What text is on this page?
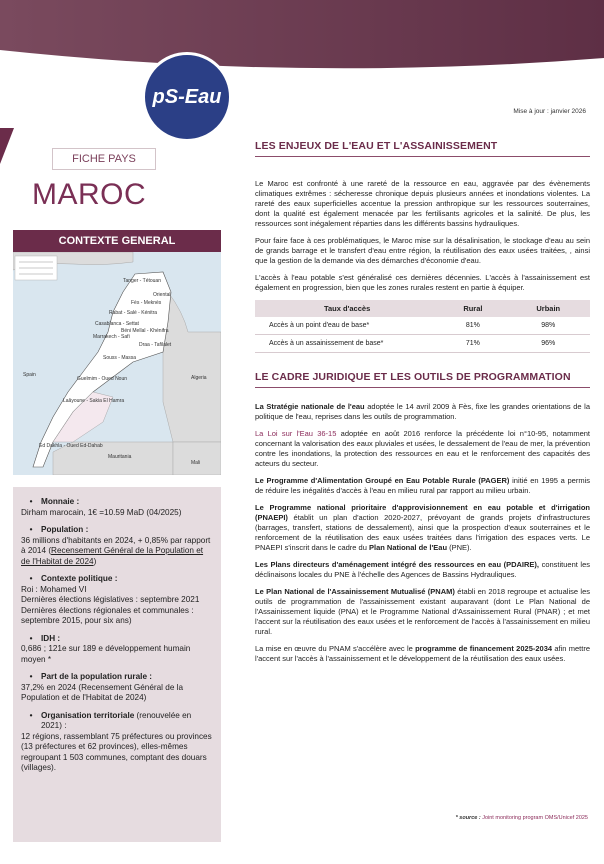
pS-Eau
Mise à jour : janvier 2026
FICHE PAYS
MAROC
CONTEXTE GENERAL
Spain	Algeria
Mauritania
Mali
Tanger - Tétouan
Oriental
Fès - Meknès
Rabat - Salé - Kénitra
Casablanca - Settat
Marrakech - Safi
Béni Mellal - Khénifra
Draa - Tafilalet
Souss - Massa
Guelmim - Oued Noun
Laâyoune - Sakia El Hamra
Ed Dakhla - Oued Ed-Dahab
•	Monnaie :
Dirham marocain, 1€ =10.59 MaD (04/2025)
•	Population :
36 millions d'habitants en 2024, + 0,85% par rapport à 2014 (Recensement Général de la Population et de l'Habitat de 2024)
•	Contexte politique :
Roi : Mohamed VI
Dernières élections législatives : septembre 2021
Dernières élections régionales et communales : septembre 2015, pour six ans)
•	IDH :
0,686 ; 121e sur 189 e développement humain moyen *
•	Part de la population rurale :
37,2% en 2024 (Recensement Général de la Population et de l'Habitat de 2024)
•	Organisation territoriale (renouvelée en 2021) :
12 régions, rassemblant 75 préfectures ou provinces (13 préfectures et 62 provinces), elles-mêmes regroupant 1 503 communes, comptant des douars (villages).
LES ENJEUX DE L'EAU ET L'ASSAINISSEMENT

Le Maroc est confronté à une rareté de la ressource en eau, aggravée par des évènements climatiques extrêmes : sécheresse chronique depuis plusieurs années et inondations violentes. La rareté des eaux superficielles accentue la pression anthropique sur les ressources souterraines, dont la qualité est également menacée par les fertilisants agricoles et la salinité. De plus, les ressources sont inégalement réparties dans les différents bassins hydrauliques.

Pour faire face à ces problématiques, le Maroc mise sur la désalinisation, le stockage d'eau au sein de grands barrage et le transfert d'eau entre région, la réutilisation des eaux usées traitées, , ainsi que la gestion de la demande via des démarches d'économie d'eau.

L'accès à l'eau potable s'est généralisé ces dernières décennies. L'accès à l'assainissement est également en progression, bien que les zones rurales restent en partie à équiper.

Taux d'accès	Rural	Urbain
Accès à un point d'eau de base*	81%	98%
Accès à un assainissement de base*	71%	96%
LE CADRE JURIDIQUE ET LES OUTILS DE PROGRAMMATION

La Stratégie nationale de l'eau adoptée le 14 avril 2009 à Fès, fixe les grandes orientations de la politique de l'eau, reprises dans les outils de programmation.

La Loi sur l'Eau 36-15 adoptée en août 2016 renforce la précédente loi n°10-95, notamment concernant la valorisation des eaux pluviales et usées, le dessalement de l'eau de mer, la prévention contre les inondations, la protection des ressources en eau et le renforcement des capacités des acteurs du secteur.

Le Programme d'Alimentation Groupé en Eau Potable Rurale (PAGER) initié en 1995 a permis de réduire les inégalités d'accès à l'eau en milieu rural par rapport au milieu urbain.

Le Programme national prioritaire d'approvisionnement en eau potable et d'irrigation (PNAEPI) établit un plan d'action 2020-2027, prévoyant de grands projets d'infrastructures (barrages, transfert, stations de dessalement), ainsi que la prospection d'eaux souterraines et le renforcement de la réutilisation des eaux usées traitées dans l'irrigation des espaces verts. Le PNAEPI s'inscrit dans le cadre du Plan National de l'Eau (PNE).

Les Plans directeurs d'aménagement intégré des ressources en eau (PDAIRE), constituent les déclinaisons locales du PNE à l'échelle des Agences de Bassins Hydrauliques.

Le Plan National de l'Assainissement Mutualisé (PNAM) établi en 2018 regroupe et actualise les outils de programmation de l'assainissement existant auparavant (dont Le Plan National de l'Assainissement liquide (PNA) et le Programme National d'Assainissement Rural (PNAR) ; et met l'accent sur la réutilisation des eaux usées et le renforcement de l'accès à l'assainissement en milieu rural.

La mise en œuvre du PNAM s'accélère avec le programme de financement 2025-2034 afin mettre l'accent sur l'accès à l'assainissement et le développement de la réutilisation des eaux usées.

* source : Joint monitoring program OMS/Unicef 2025
